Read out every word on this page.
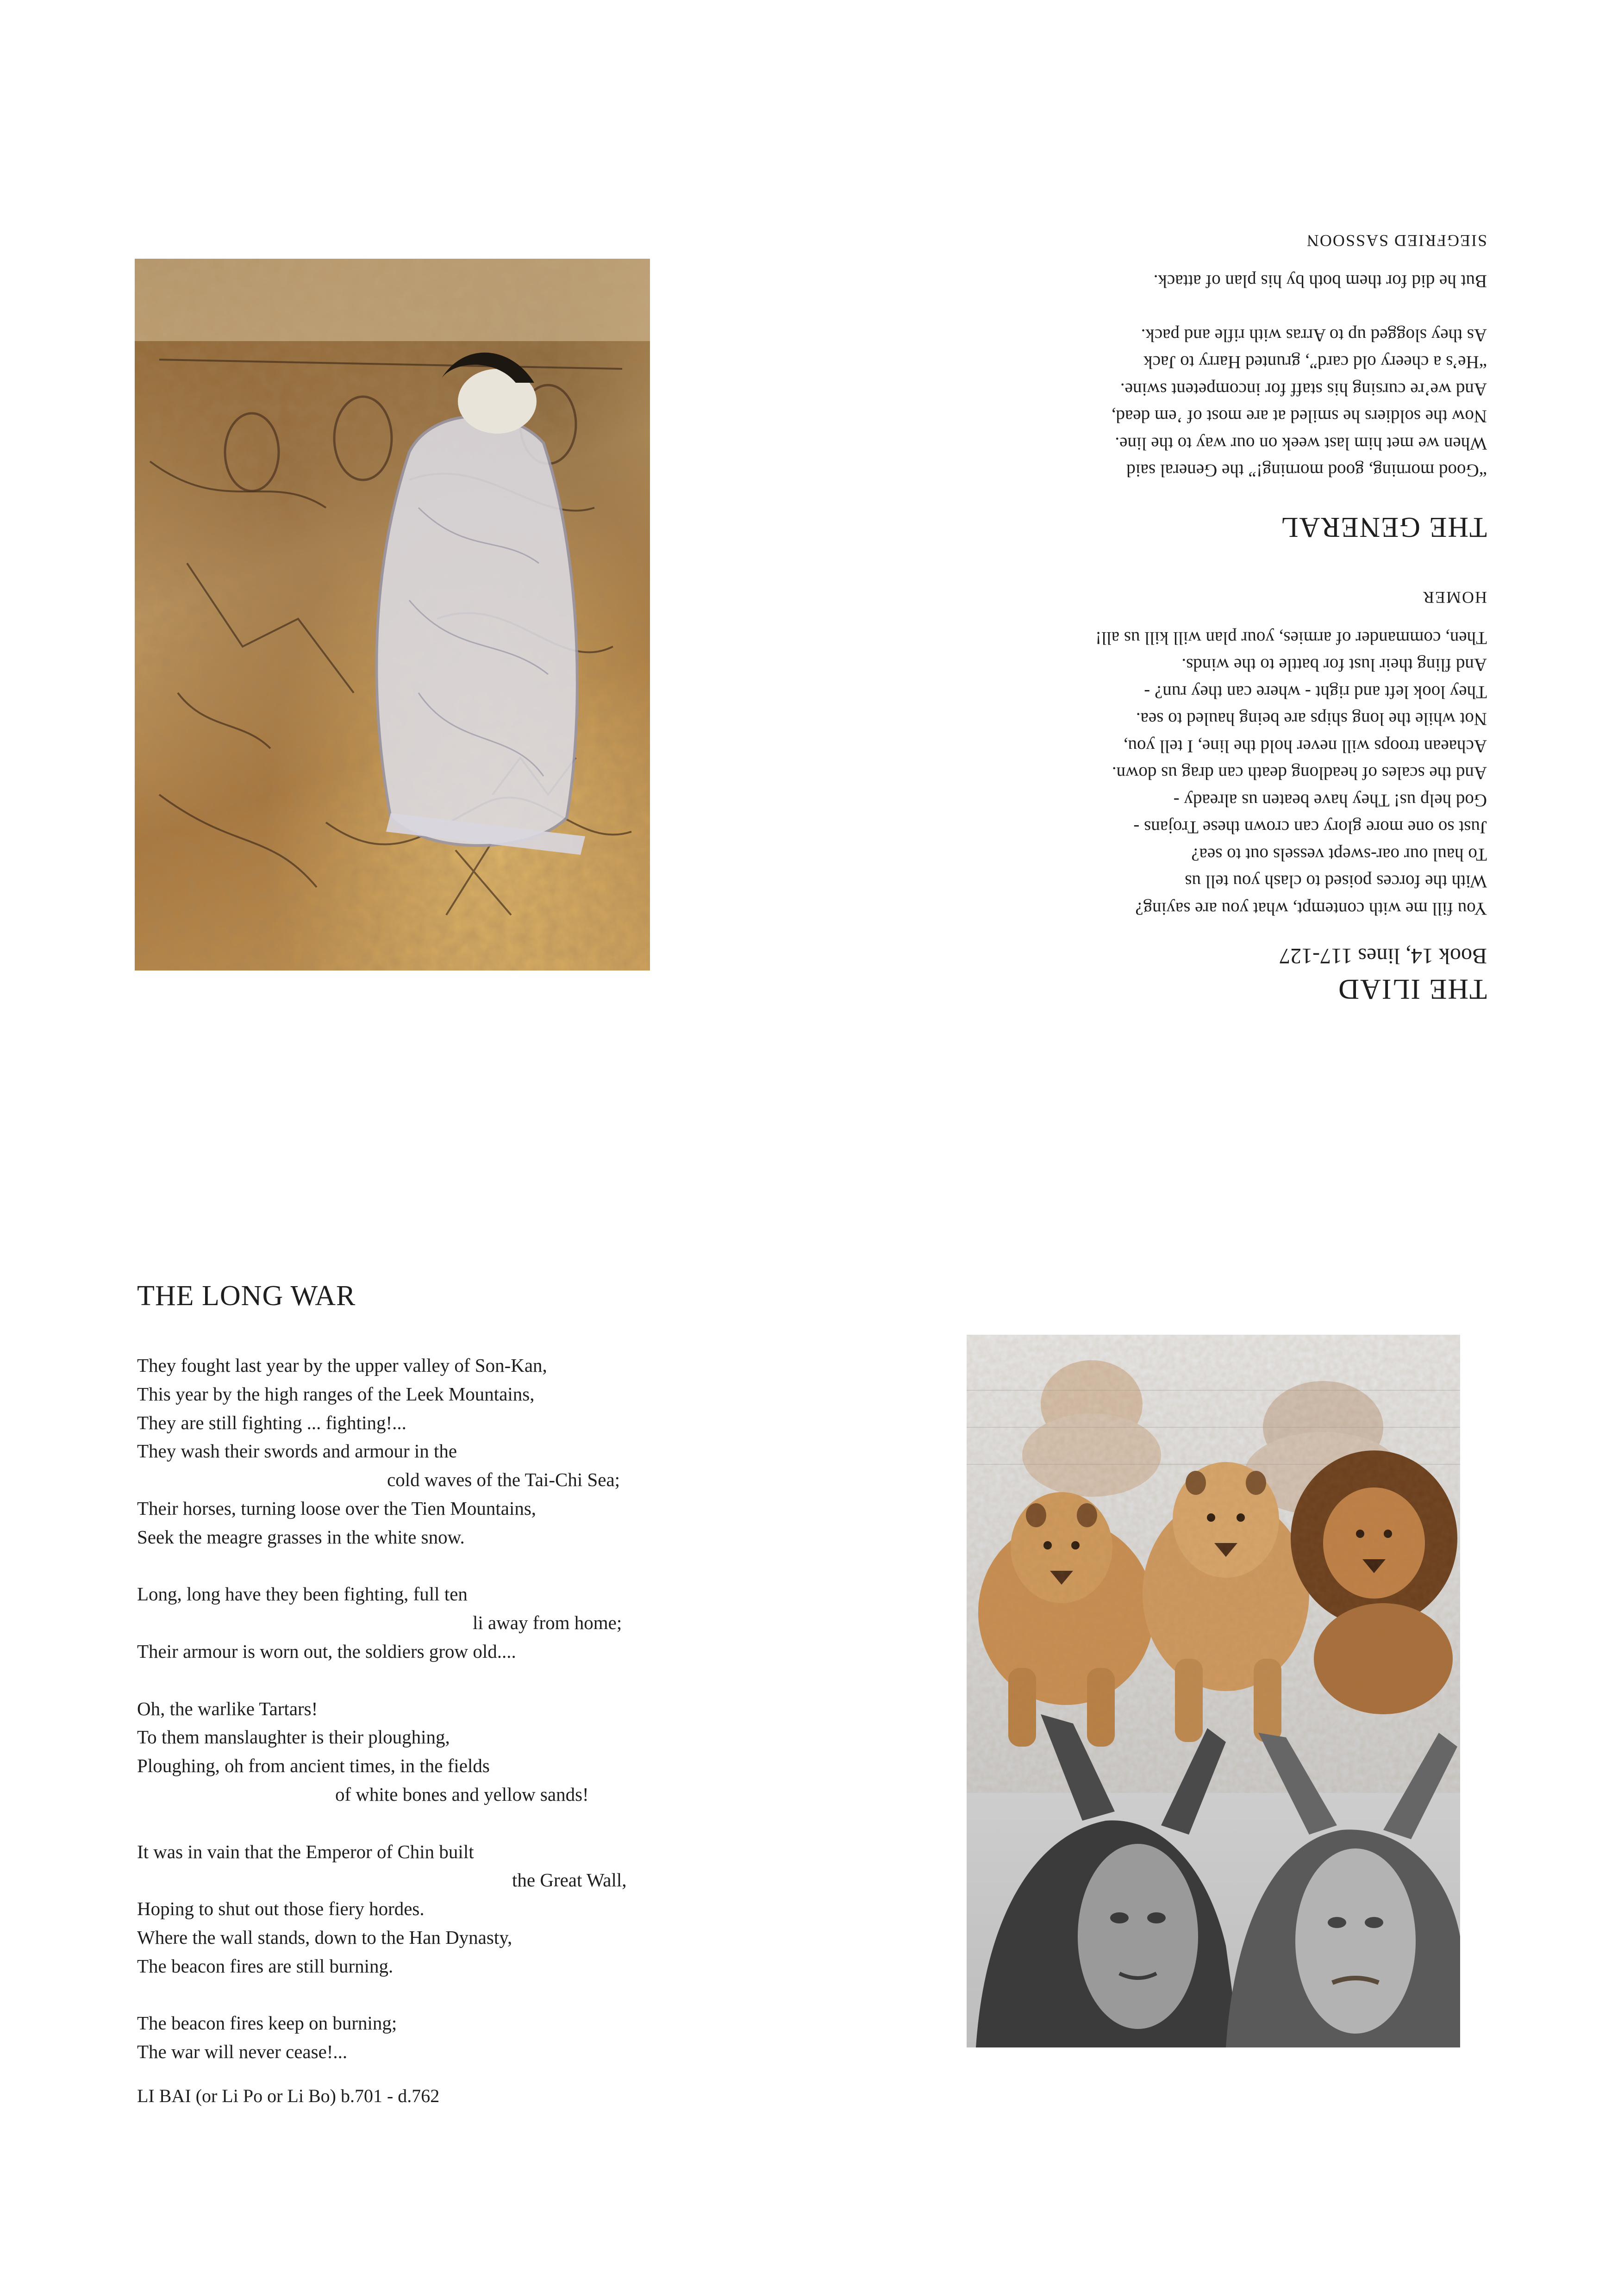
THE ILIAD
Book 14, lines 117-127
You fill me with contempt, what you are saying?
With the forces poised to clash you tell us
To haul our oar-swept vessels out to sea?
Just so one more glory can crown these Trojans -
God help us! They have beaten us already -
And the scales of headlong death can drag us down.
Achaean troops will never hold the line, I tell you,
Not while the long ships are being hauled to sea.
They look left and right - where can they run? -
And fling their lust for battle to the winds.
Then, commander of armies, your plan will kill us all!
HOMER
THE GENERAL
“Good morning, good morning!” the General said
When we met him last week on our way to the line.
Now the soldiers he smiled at are most of ’em dead,
And we’re cursing his staff for incompetent swine.
“He’s a cheery old card”, grunted Harry to Jack
As they slogged up to Arras with rifle and pack.
But he did for them both by his plan of attack.
SIEGFRIED SASSOON
THE LONG WAR
They fought last year by the upper valley of Son-Kan,
This year by the high ranges of the Leek Mountains,
They are still fighting ... fighting!...
They wash their swords and armour in the
cold waves of the Tai-Chi Sea;
Their horses, turning loose over the Tien Mountains,
Seek the meagre grasses in the white snow.
Long, long have they been fighting, full ten
li away from home;
Their armour is worn out, the soldiers grow old....
Oh, the warlike Tartars!
To them manslaughter is their ploughing,
Ploughing, oh from ancient times, in the fields
of white bones and yellow sands!
It was in vain that the Emperor of Chin built
the Great Wall,
Hoping to shut out those fiery hordes.
Where the wall stands, down to the Han Dynasty,
The beacon fires are still burning.
The beacon fires keep on burning;
The war will never cease!...
LI BAI (or Li Po or Li Bo) b.701 - d.762
